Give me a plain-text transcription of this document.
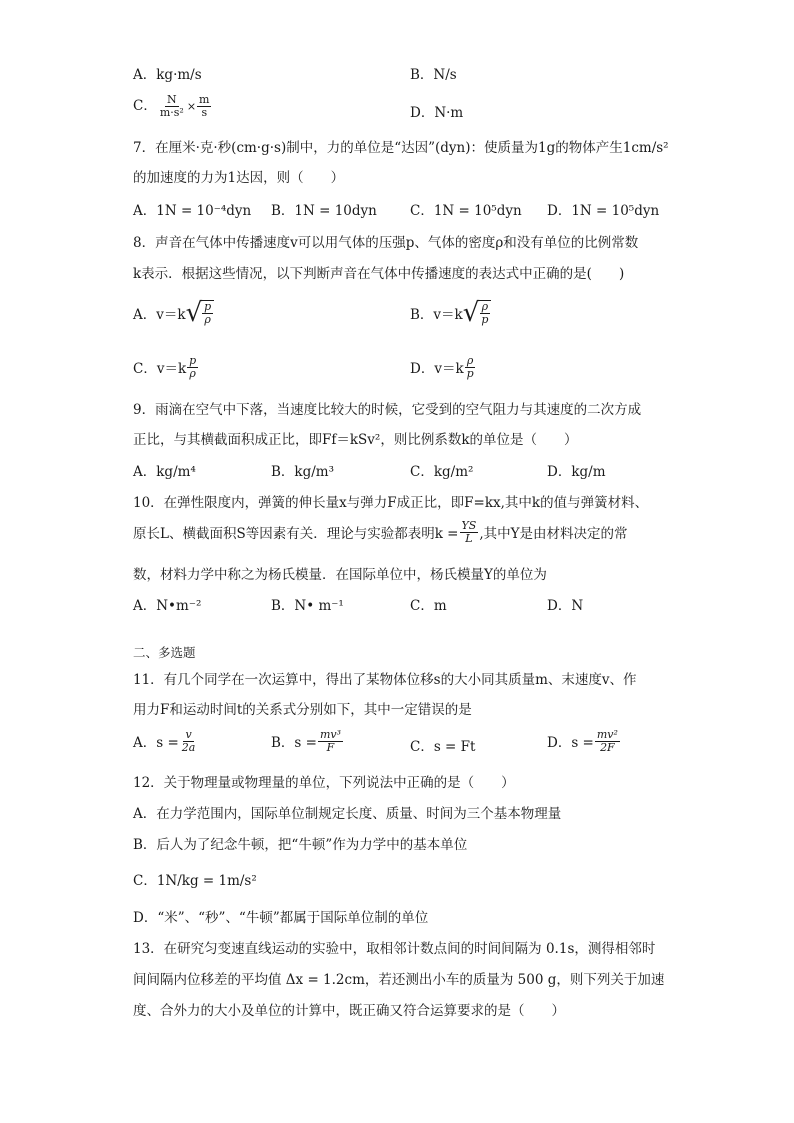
A．kg·m/s	B．N/s
C． $\frac{N}{\text{m·s²}} \times \frac{m}{s}$	D．N·m
7．在厘米·克·秒(cm·g·s)制中，力的单位是“达因”(dyn)：使质量为1g的物体产生1cm/s²
的加速度的力为1达因，则（　　）
A．1N = 10⁻⁴dyn B．1N = 10dyn C．1N = 10⁵dyn D．1N = 10⁵dyn
8．声音在气体中传播速度v可以用气体的压强p、气体的密度ρ和没有单位的比例常数
k表示．根据这些情况，以下判断声音在气体中传播速度的表达式中正确的是(　　)
A．v＝k √ $\frac{p}{\rho}$	B．v＝k √ $\frac{\rho}{p}$
C．$v=k \frac{p}{\rho}$	D．$v=k \frac{\rho}{p}$
9．雨滴在空气中下落，当速度比较大的时候，它受到的空气阻力与其速度的二次方成
正比，与其横截面积成正比，即Ff＝kSv²，则比例系数k的单位是（　　）
A．kg/m⁴	B．kg/m³	C．kg/m²	D．kg/m
10．在弹性限度内，弹簧的伸长量x与弹力F成正比，即F=kx,其中k的值与弹簧材料、
原长L、横截面积S等因素有关．理论与实验都表明$k = \frac{YS}{L}$ ,其中Y是由材料决定的常
数，材料力学中称之为杨氏模量．在国际单位中，杨氏模量Y的单位为
A．N•m⁻²	B．N• m⁻¹	C．m	D．N
二、多选题
11．有几个同学在一次运算中，得出了某物体位移s的大小同其质量m、末速度v、作
用力F和运动时间t的关系式分别如下，其中一定错误的是
A．$s = \frac{v}{2a}$	B．$s = \frac{\text{mv³}}{F}$	C．s = Ft	D．$s = \frac{\text{mv²}}{2F}$
12．关于物理量或物理量的单位，下列说法中正确的是（　　）
A．在力学范围内，国际单位制规定长度、质量、时间为三个基本物理量
B．后人为了纪念牛顿，把“牛顿”作为力学中的基本单位
C．1N/kg = 1m/s²
D．“米”、“秒”、“牛顿”都属于国际单位制的单位
13．在研究匀变速直线运动的实验中，取相邻计数点间的时间间隔为 0.1s，测得相邻时
间间隔内位移差的平均值 Δx = 1.2cm，若还测出小车的质量为 500 g，则下列关于加速
度、合外力的大小及单位的计算中，既正确又符合运算要求的是（　　）
